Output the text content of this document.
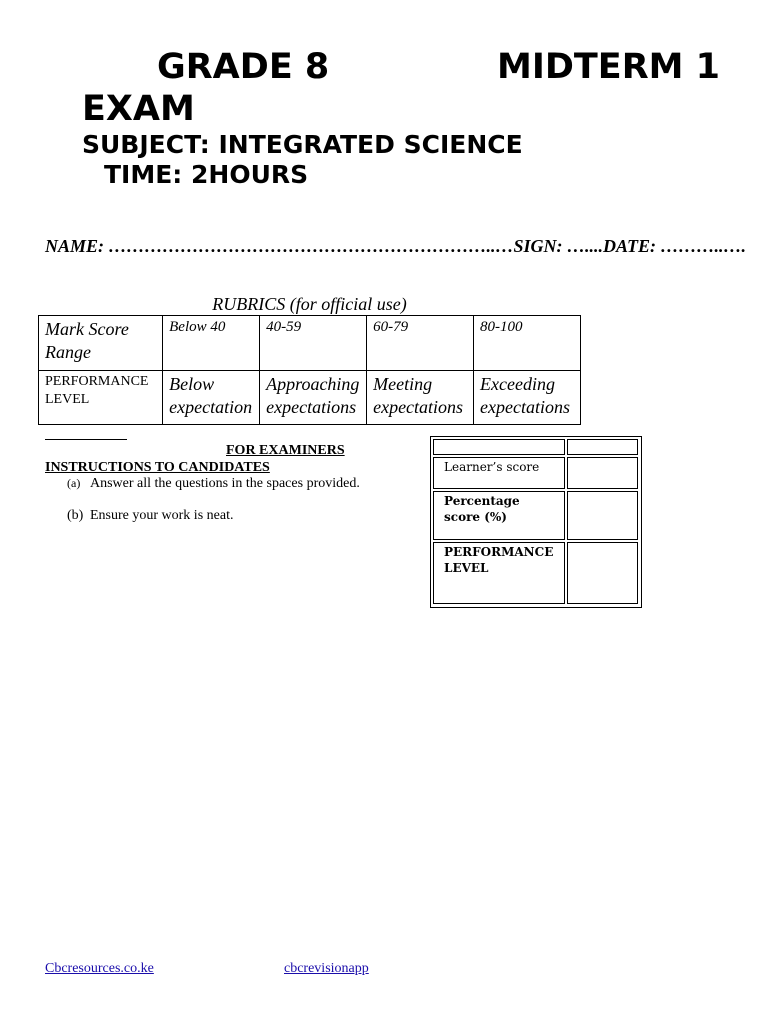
GRADE 8	MIDTERM 1
EXAM
SUBJECT: INTEGRATED SCIENCE
TIME: 2HOURS
NAME: ………………………………………………………..…SIGN: …....DATE: ………..….
RUBRICS (for official use)
Mark Score Range	Below 40	40-59	60-79	80-100
PERFORMANCE LEVEL	Below expectation	Approaching expectations	Meeting expectations	Exceeding expectations
FOR EXAMINERS
INSTRUCTIONS TO CANDIDATES
(a) Answer all the questions in the spaces provided.
(b) Ensure your work is neat.
Learner’s score
Percentage score (%)
PERFORMANCE LEVEL
Cbcresources.co.ke	cbcrevisionapp
